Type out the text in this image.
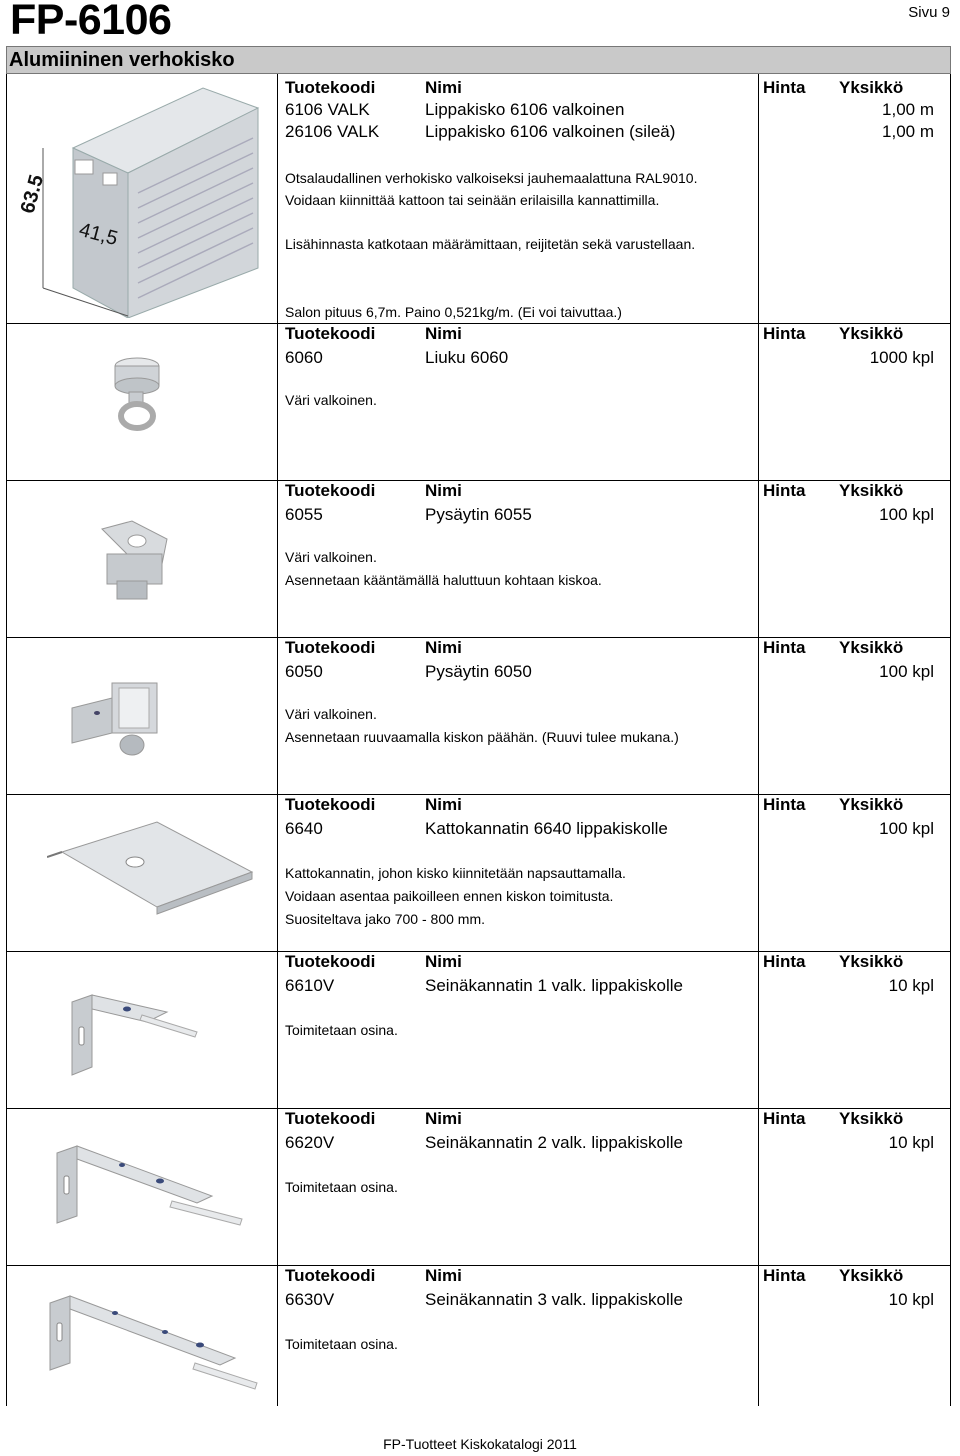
FP-6106	Sivu 9
Alumiininen verhokisko
Tuotekoodi	Nimi	Hinta Yksikkö
6106 VALK	Lippakisko 6106 valkoinen	1,00 m
26106 VALK	Lippakisko 6106 valkoinen (sileä)	1,00 m
Otsalaudallinen verhokisko valkoiseksi jauhemaalattuna RAL9010.
Voidaan kiinnittää kattoon tai seinään erilaisilla kannattimilla.
Lisähinnasta katkotaan määrämittaan, reijitetän sekä varustellaan.
Salon pituus 6,7m. Paino 0,521kg/m. (Ei voi taivuttaa.)
63.5
41,5
Tuotekoodi	Nimi	Hinta Yksikkö
6060	Liuku 6060	1000 kpl
Väri valkoinen.
Tuotekoodi	Nimi	Hinta Yksikkö
6055	Pysäytin 6055	100 kpl
Väri valkoinen.
Asennetaan kääntämällä haluttuun kohtaan kiskoa.
Tuotekoodi	Nimi	Hinta Yksikkö
6050	Pysäytin 6050	100 kpl
Väri valkoinen.
Asennetaan ruuvaamalla kiskon päähän. (Ruuvi tulee mukana.)
Tuotekoodi	Nimi	Hinta Yksikkö
6640	Kattokannatin 6640 lippakiskolle	100 kpl
Kattokannatin, johon kisko kiinnitetään napsauttamalla.
Voidaan asentaa paikoilleen ennen kiskon toimitusta.
Suositeltava jako 700 - 800 mm.
Tuotekoodi	Nimi	Hinta Yksikkö
6610V	Seinäkannatin 1 valk. lippakiskolle	10 kpl
Toimitetaan osina.
Tuotekoodi	Nimi	Hinta Yksikkö
6620V	Seinäkannatin 2 valk. lippakiskolle	10 kpl
Toimitetaan osina.
Tuotekoodi	Nimi	Hinta Yksikkö
6630V	Seinäkannatin 3 valk. lippakiskolle	10 kpl
Toimitetaan osina.
FP-Tuotteet Kiskokatalogi 2011
